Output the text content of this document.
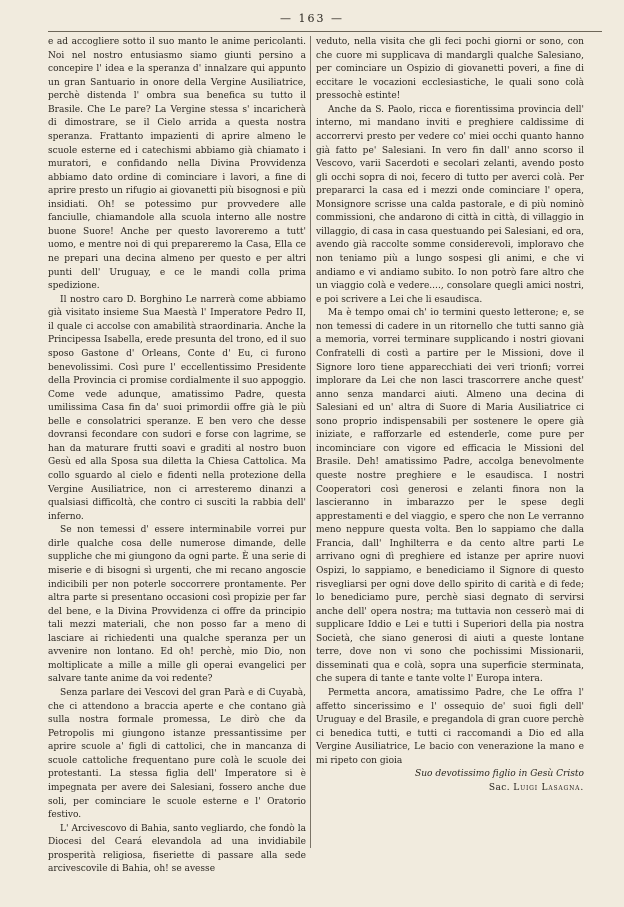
— 163 —

e ad accogliere sotto il suo manto le anime pericolanti. Noi nel nostro entusiasmo siamo giunti persino a concepire l' idea e la speranza d' innalzare qui appunto un gran Santuario in onore della Vergine Ausiliatrice, perchè distenda l' ombra sua benefica su tutto il Brasile. Che Le pare? La Vergine stessa s' incaricherà di dimostrare, se il Cielo arrida a questa nostra speranza. Frattanto impazienti di aprire almeno le scuole esterne ed i catechismi abbiamo già chiamato i muratori, e confidando nella Divina Provvidenza abbiamo dato ordine di cominciare i lavori, a fine di aprire presto un rifugio ai giovanetti più bisognosi e più insidiati. Oh! se potessimo pur provvedere alle fanciulle, chiamandole alla scuola interno alle nostre buone Suore! Anche per questo lavoreremo a tutt' uomo, e mentre noi di qui prepareremo la Casa, Ella ce ne prepari una decina almeno per questo e per altri punti dell' Uruguay, e ce le mandi colla prima spedizione.

Il nostro caro D. Borghino Le narrerà come abbiamo già visitato insieme Sua Maestà l' Imperatore Pedro II, il quale ci accolse con amabilità straordinaria. Anche la Principessa Isabella, erede presunta del trono, ed il suo sposo Gastone d' Orleans, Conte d' Eu, ci furono benevolissimi. Così pure l' eccellentissimo Presidente della Provincia ci promise cordialmente il suo appoggio. Come vede adunque, amatissimo Padre, questa umilissima Casa fin da' suoi primordii offre già le più belle e consolatrici speranze. E ben vero che desse dovransi fecondare con sudori e forse con lagrime, se han da maturare frutti soavi e graditi al nostro buon Gesù ed alla Sposa sua diletta la Chiesa Cattolica. Ma collo sguardo al cielo e fidenti nella protezione della Vergine Ausiliatrice, non ci arresteremo dinanzi a qualsiasi difficoltà, che contro ci susciti la rabbia dell' inferno.

Se non temessi d' essere interminabile vorrei pur dirle qualche cosa delle numerose dimande, delle suppliche che mi giungono da ogni parte. È una serie di miserie e di bisogni sì urgenti, che mi recano angoscie indicibili per non poterle soccorrere prontamente. Per altra parte si presentano occasioni così propizie per far del bene, e la Divina Provvidenza ci offre da principio tali mezzi materiali, che non posso far a meno di lasciare ai richiedenti una qualche speranza per un avvenire non lontano. Ed oh! perchè, mio Dio, non moltiplicate a mille a mille gli operai evangelici per salvare tante anime da voi redente?

Senza parlare dei Vescovi del gran Parà e di Cuyabà, che ci attendono a braccia aperte e che contano già sulla nostra formale promessa, Le dirò che da Petropolis mi giungono istanze pressantissime per aprire scuole a' figli di cattolici, che in mancanza di scuole cattoliche frequentano pure colà le scuole dei protestanti. La stessa figlia dell' Imperatore si è impegnata per avere dei Salesiani, fossero anche due soli, per cominciare le scuole esterne e l' Oratorio festivo.

L' Arcivescovo di Bahia, santo vegliardo, che fondò la Diocesi del Ceará elevandola ad una invidiabile prosperità religiosa, fiseriette di passare alla sede arcivescovile di Bahia, oh! se avesse

veduto, nella visita che gli feci pochi giorni or sono, con che cuore mi supplicava di mandargli qualche Salesiano, per cominciare un Ospizio di giovanetti poveri, a fine di eccitare le vocazioni ecclesiastiche, le quali sono colà pressochè estinte!

Anche da S. Paolo, ricca e fiorentissima provincia dell' interno, mi mandano inviti e preghiere caldissime di accorrervi presto per vedere co' miei occhi quanto hanno già fatto pe' Salesiani. In vero fin dall' anno scorso il Vescovo, varii Sacerdoti e secolari zelanti, avendo posto gli occhi sopra di noi, fecero di tutto per averci colà. Per prepararci la casa ed i mezzi onde cominciare l' opera, Monsignore scrisse una calda pastorale, e di più nominò commissioni, che andarono di città in città, di villaggio in villaggio, di casa in casa questuando pei Salesiani, ed ora, avendo già raccolte somme considerevoli, imploravo che non teniamo più a lungo sospesi gli animi, e che vi andiamo e vi andiamo subito. Io non potrò fare altro che un viaggio colà e vedere...., consolare quegli amici nostri, e poi scrivere a Lei che li esaudisca.

Ma è tempo omai ch' io termini questo letterone; e, se non temessi di cadere in un ritornello che tutti sanno già a memoria, vorrei terminare supplicando i nostri giovani Confratelli di costì a partire per le Missioni, dove il Signore loro tiene apparecchiati dei veri trionfi; vorrei implorare da Lei che non lasci trascorrere anche quest' anno senza mandarci aiuti. Almeno una decina di Salesiani ed un' altra di Suore di Maria Ausiliatrice ci sono proprio indispensabili per sostenere le opere già iniziate, e rafforzarle ed estenderle, come pure per incominciare con vigore ed efficacia le Missioni del Brasile. Deh! amatissimo Padre, accolga benevolmente queste nostre preghiere e le esaudisca. I nostri Cooperatori così generosi e zelanti finora non la lascieranno in imbarazzo per le spese degli apprestamenti e del viaggio, e spero che non Le verranno meno neppure questa volta. Ben lo sappiamo che dalla Francia, dall' Inghilterra e da cento altre parti Le arrivano ogni dì preghiere ed istanze per aprire nuovi Ospizi, lo sappiamo, e benediciamo il Signore di questo risvegliarsi per ogni dove dello spirito di carità e di fede; lo benediciamo pure, perchè siasi degnato di servirsi anche dell' opera nostra; ma tuttavia non cesserò mai di supplicare Iddio e Lei e tutti i Superiori della pia nostra Società, che siano generosi di aiuti a queste lontane terre, dove non vi sono che pochissimi Missionarii, disseminati qua e colà, sopra una superficie sterminata, che supera di tante e tante volte l' Europa intera.

Permetta ancora, amatissimo Padre, che Le offra l' affetto sincerissimo e l' ossequio de' suoi figli dell' Uruguay e del Brasile, e pregandola di gran cuore perchè ci benedica tutti, e tutti ci raccomandi a Dio ed alla Vergine Ausiliatrice, Le bacio con venerazione la mano e mi ripeto con gioia

Suo devotissimo figlio in Gesù Cristo

Sac. Luigi Lasagna.
